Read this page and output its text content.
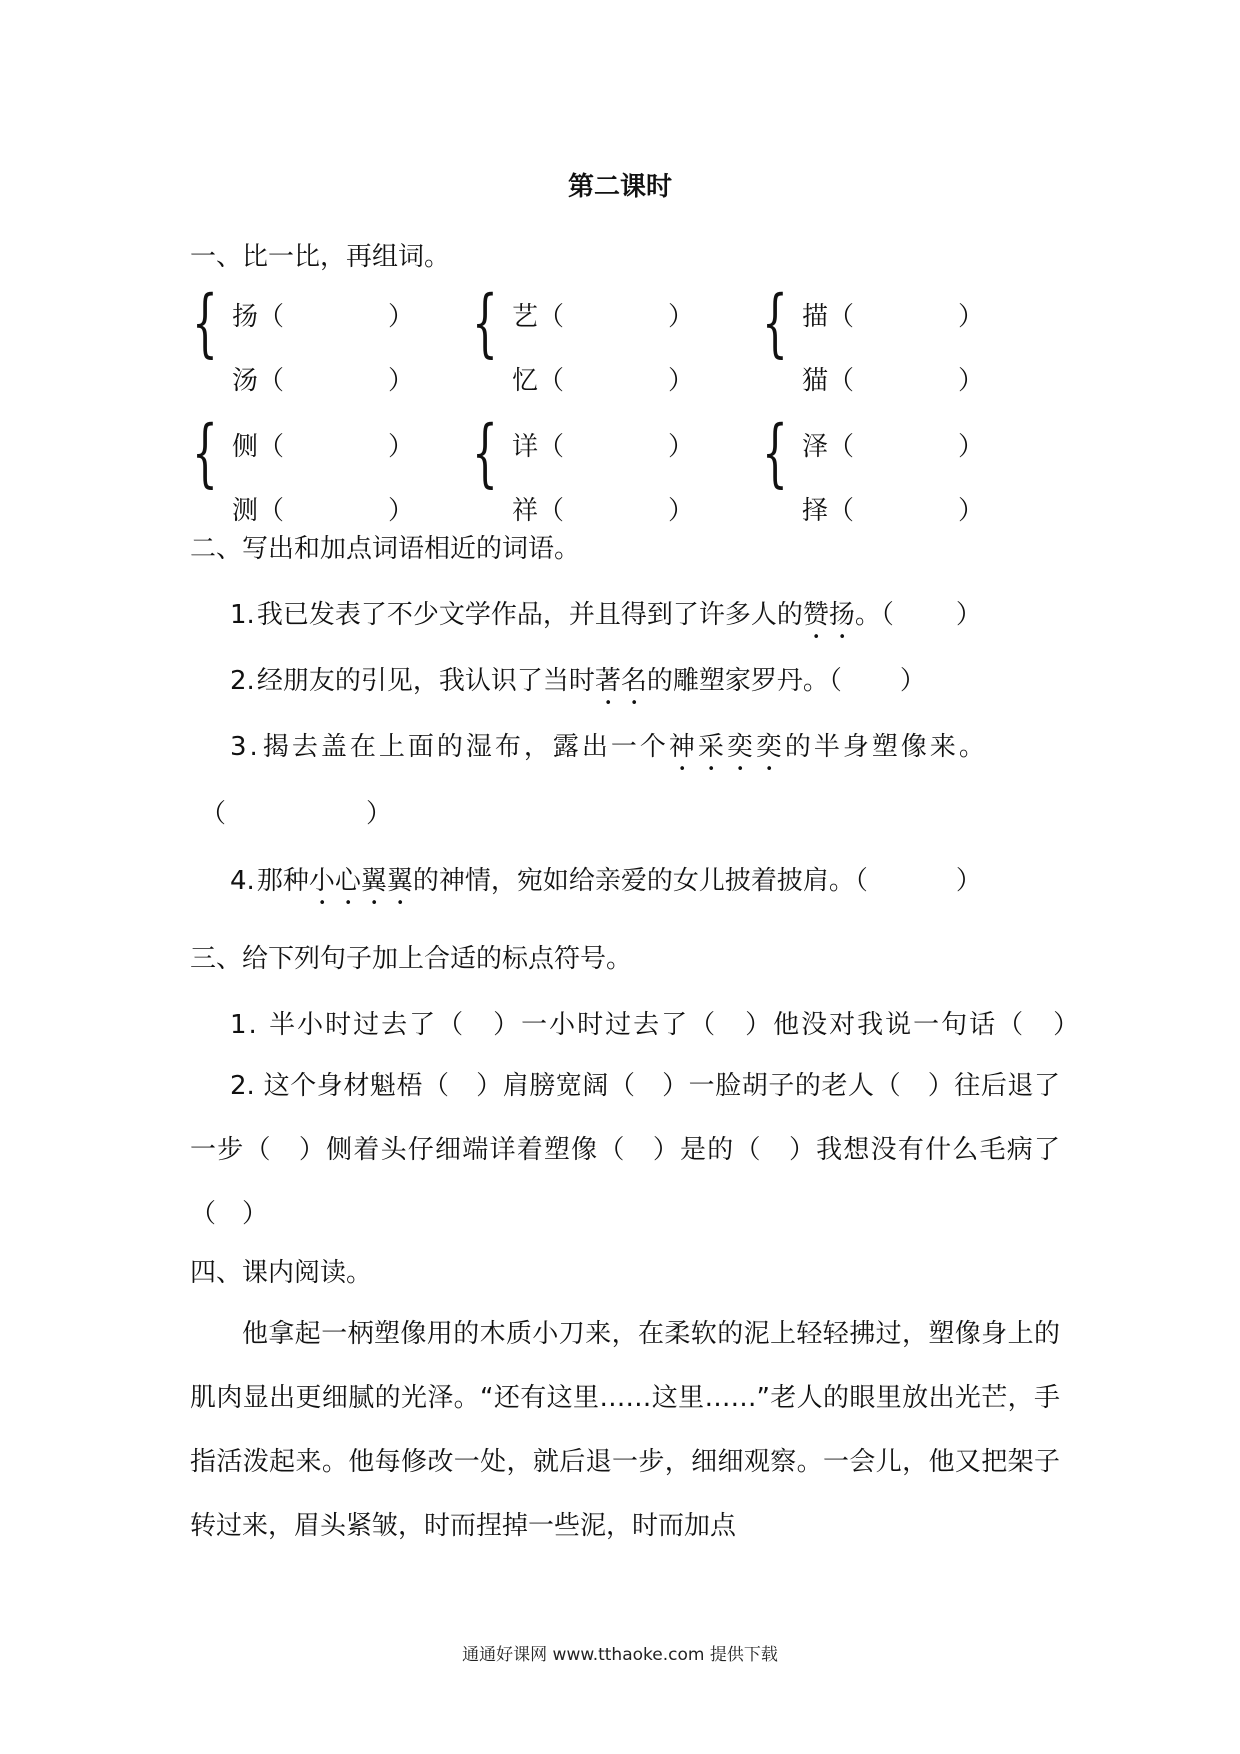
第二课时
一、比一比，再组词。
{ 扬（	）
汤（	）
{ 艺（	）
忆（	）
{ 描（	）
猫（	）
{ 侧（	）
测（	）
{ 详（	）
祥（	）
{ 泽（	）
择（	）
二、写出和加点词语相近的词语。
1.我已发表了不少文学作品，并且得到了许多人的赞扬。（ ）
2.经朋友的引见，我认识了当时著名的雕塑家罗丹。（ ）
3.揭去盖在上面的湿布，露出一个神采奕奕的半身塑像来。
（	）
4.那种小心翼翼的神情，宛如给亲爱的女儿披着披肩。（	）
三、给下列句子加上合适的标点符号。
1. 半小时过去了（　）一小时过去了（　）他没对我说一句话（　）
2. 这个身材魁梧（　）肩膀宽阔（　）一脸胡子的老人（　）往后退了一步（　）侧着头仔细端详着塑像（　）是的（　）我想没有什么毛病了（　）
四、课内阅读。
他拿起一柄塑像用的木质小刀来，在柔软的泥上轻轻拂过，塑像身上的肌肉显出更细腻的光泽。“还有这里……这里……”老人的眼里放出光芒，手指活泼起来。他每修改一处，就后退一步，细细观察。一会儿，他又把架子转过来，眉头紧皱，时而捏掉一些泥，时而加点
通通好课网 www.tthaoke.com 提供下载
